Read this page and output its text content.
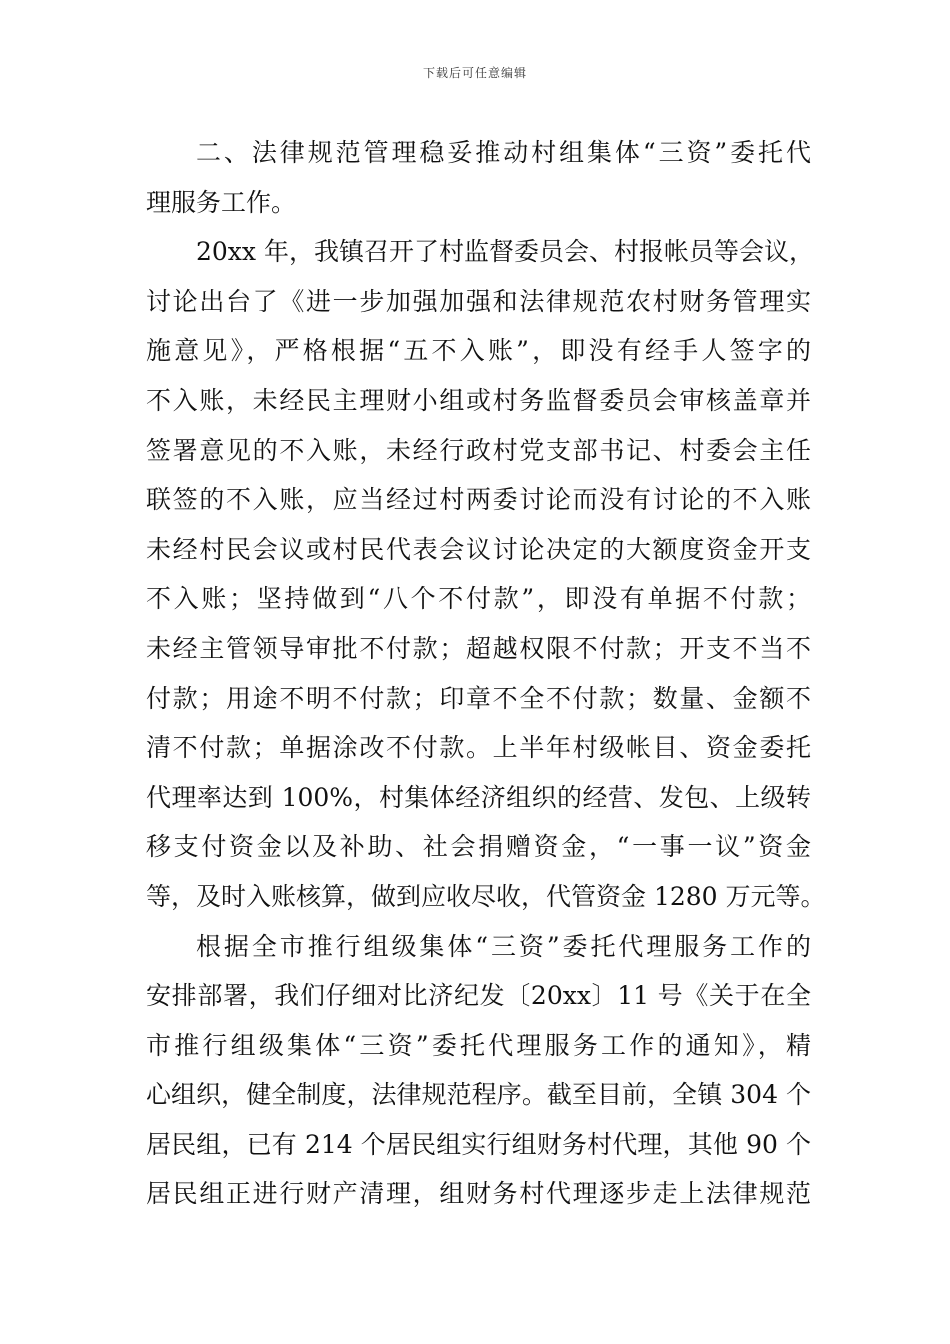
下载后可任意编辑

二、法律规范管理稳妥推动村组集体“三资”委托代
理服务工作。

20xx 年，我镇召开了村监督委员会、村报帐员等会议，
讨论出台了《进一步加强加强和法律规范农村财务管理实
施意见》，严格根据“五不入账”，即没有经手人签字的
不入账，未经民主理财小组或村务监督委员会审核盖章并
签署意见的不入账，未经行政村党支部书记、村委会主任
联签的不入账，应当经过村两委讨论而没有讨论的不入账
未经村民会议或村民代表会议讨论决定的大额度资金开支
不入账；坚持做到“八个不付款”，即没有单据不付款；
未经主管领导审批不付款；超越权限不付款；开支不当不
付款；用途不明不付款；印章不全不付款；数量、金额不
清不付款；单据涂改不付款。上半年村级帐目、资金委托
代理率达到 100%，村集体经济组织的经营、发包、上级转
移支付资金以及补助、社会捐赠资金，“一事一议”资金
等，及时入账核算，做到应收尽收，代管资金 1280 万元等。

根据全市推行组级集体“三资”委托代理服务工作的
安排部署，我们仔细对比济纪发〔20xx〕11 号《关于在全
市推行组级集体“三资”委托代理服务工作的通知》，精
心组织，健全制度，法律规范程序。截至目前，全镇 304 个
居民组，已有 214 个居民组实行组财务村代理，其他 90 个
居民组正进行财产清理，组财务村代理逐步走上法律规范
